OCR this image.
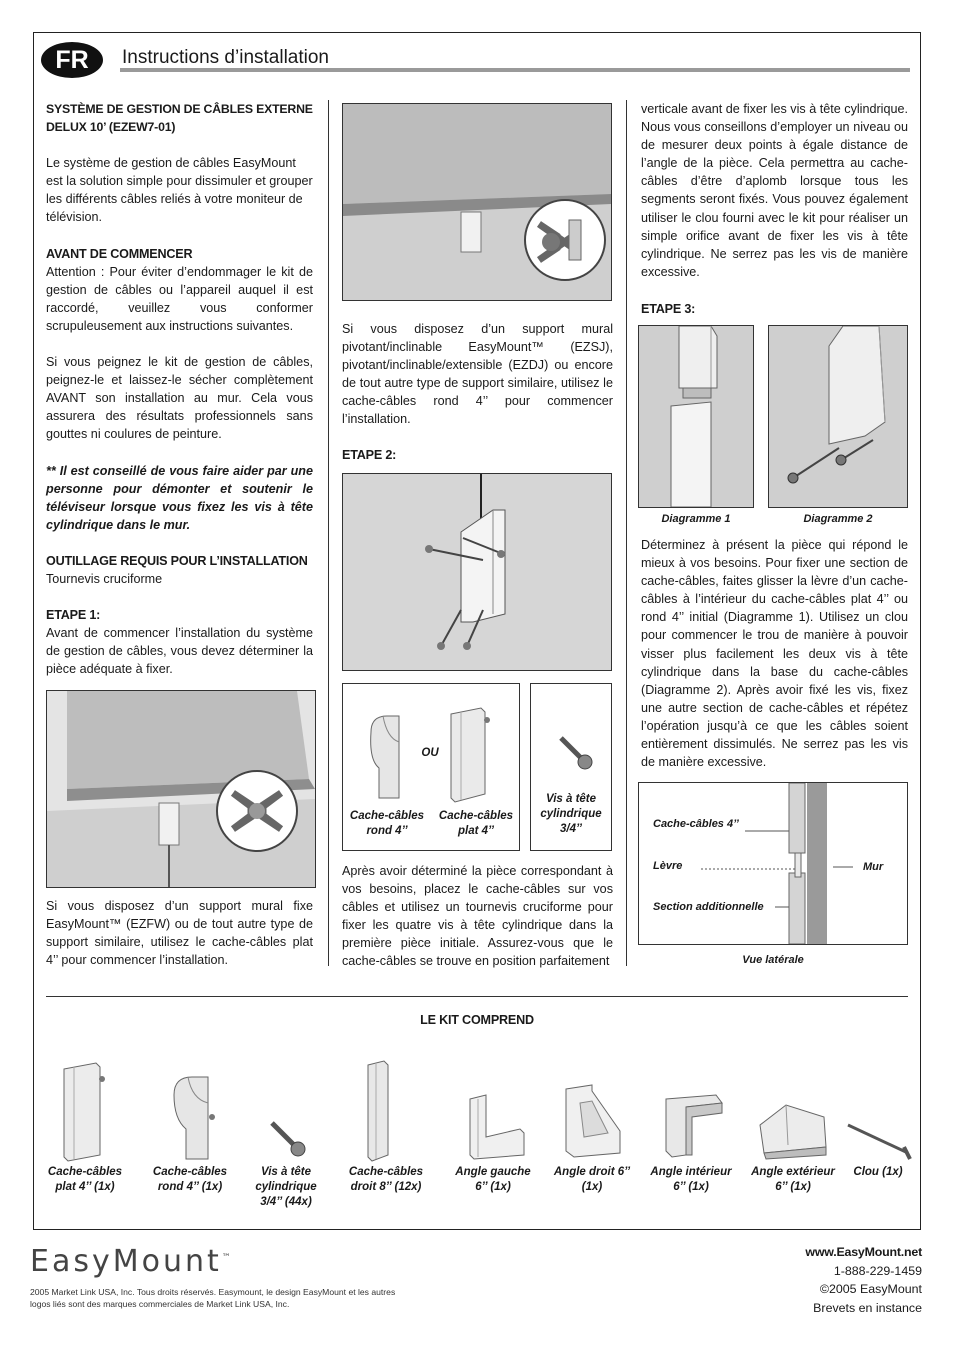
FR	Instructions d’installation

SYSTÈME DE GESTION DE CÂBLES EXTERNE DELUX 10’ (EZEW7-01)

Le système de gestion de câbles EasyMount est la solution simple pour dissimuler et grouper les différents câbles reliés à votre moniteur de télévision.

AVANT DE COMMENCER

Attention : Pour éviter d’endommager le kit de gestion de câbles ou l’appareil auquel il est raccordé, veuillez vous conformer scrupuleusement aux instructions suivantes.

Si vous peignez le kit de gestion de câbles, peignez-le et laissez-le sécher complètement AVANT son installation au mur. Cela vous assurera des résultats professionnels sans gouttes ni coulures de peinture.

** Il est conseillé de vous faire aider par une personne pour démonter et soutenir le téléviseur lorsque vous fixez les vis à tête cylindrique dans le mur.

OUTILLAGE REQUIS POUR L’INSTALLATION

Tournevis cruciforme

ETAPE 1:

Avant de commencer l’installation du système de gestion de câbles, vous devez déterminer la pièce adéquate à fixer.

Si vous disposez d’un support mural fixe EasyMount™ (EZFW) ou de tout autre type de support similaire, utilisez le cache-câbles plat 4’’ pour commencer l’installation.
Si vous disposez d’un support mural pivotant/inclinable EasyMount™ (EZSJ), pivotant/inclinable/extensible (EZDJ) ou encore de tout autre type de support similaire, utilisez le cache-câbles rond 4’’ pour commencer l’installation.
ETAPE 2:
OU
Cache-câbles rond 4’’
Cache-câbles plat 4’’
Vis à tête cylindrique 3/4’’
Après avoir déterminé la pièce correspondant à vos besoins, placez le cache-câbles sur vos câbles et utilisez un tournevis cruciforme pour fixer les quatre vis à tête cylindrique dans la première pièce initiale. Assurez-vous que le cache-câbles se trouve en position parfaitement
verticale avant de fixer les vis à tête cylindrique. Nous vous conseillons d’employer un niveau ou de mesurer deux points à égale distance de l’angle de la pièce. Cela permettra au cache-câbles d’être d’aplomb lorsque tous les segments seront fixés. Vous pouvez également utiliser le clou fourni avec le kit pour réaliser un simple orifice avant de fixer les vis à tête cylindrique. Ne serrez pas les vis de manière excessive.
ETAPE 3:
Diagramme 1	Diagramme 2
Déterminez à présent la pièce qui répond le mieux à vos besoins. Pour fixer une section de cache-câbles, faites glisser la lèvre d’un cache-câbles à l’intérieur du cache-câbles plat 4’’ ou rond 4’’ initial (Diagramme 1). Utilisez un clou pour commencer le trou de manière à pouvoir visser plus facilement les deux vis à tête cylindrique dans la base du cache-câbles (Diagramme 2). Après avoir fixé les vis, fixez une autre section de cache-câbles et répétez l’opération jusqu’à ce que les câbles soient entièrement dissimulés. Ne serrez pas les vis de manière excessive.
Cache-câbles 4’’
Lèvre
Section additionnelle
Mur
Vue latérale
LE KIT COMPREND
Cache-câbles plat 4’’ (1x)
Cache-câbles rond 4’’ (1x)
Vis à tête cylindrique 3/4’’ (44x)
Cache-câbles droit 8’’ (12x)
Angle gauche 6’’ (1x)
Angle droit 6’’ (1x)
Angle intérieur 6’’ (1x)
Angle extérieur 6’’ (1x)
Clou (1x)
EasyMount™
2005 Market Link USA, Inc. Tous droits réservés. Easymount, le design EasyMount et les autres logos liés sont des marques commerciales de Market Link USA, Inc.
www.EasyMount.net
1-888-229-1459
©2005 EasyMount
Brevets en instance
